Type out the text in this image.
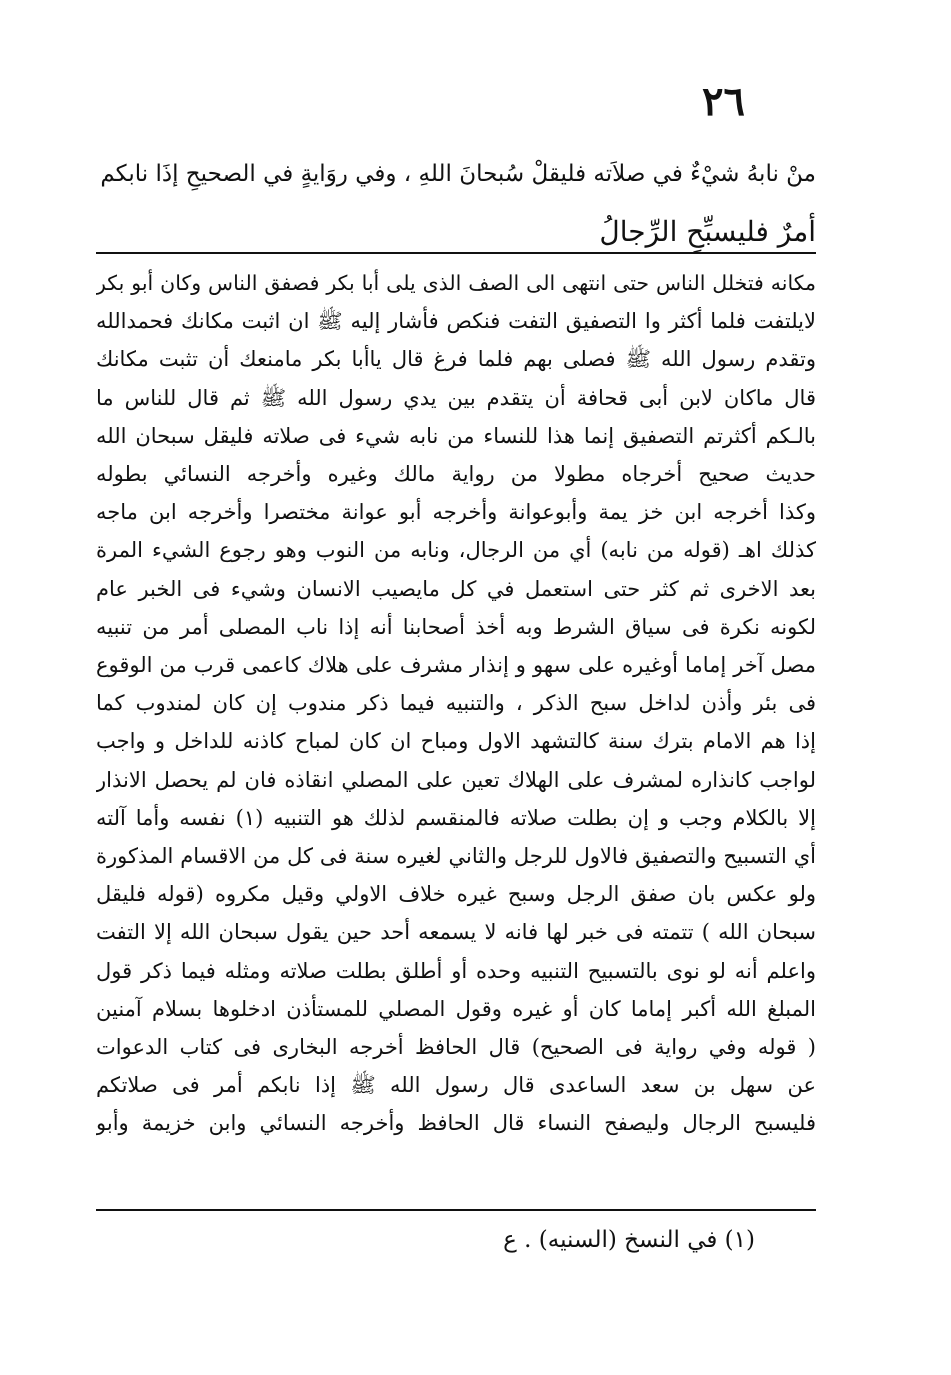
٢٦
منْ نابهُ شيْءٌ في صلاَته فليقلْ سُبحانَ اللهِ ، وفي روَايةٍ في الصحيحِ إذَا نابكم
أمرٌ فليسبِّحِ الرِّجالُ
مكانه فتخلل الناس حتى انتهى الى الصف الذى يلى أبا بكر فصفق الناس وكان أبو بكر
لايلتفت فلما أكثر وا التصفيق التفت فنكص فأشار إليه ﷺ ان اثبت مكانك فحمدالله
وتقدم رسول الله ﷺ فصلى بهم فلما فرغ قال ياأبا بكر مامنعك أن تثبت مكانك
قال ماكان لابن أبى قحافة أن يتقدم بين يدي رسول الله ﷺ ثم قال للناس ما
بالـكم أكثرتم التصفيق إنما هذا للنساء من نابه شيء فى صلاته فليقل سبحان الله
حديث صحيح أخرجاه مطولا من رواية مالك وغيره وأخرجه النسائي بطوله
وكذا أخرجه ابن خز يمة وأبوعوانة وأخرجه أبو عوانة مختصرا وأخرجه ابن ماجه
كذلك اهـ (قوله من نابه) أي من الرجال، ونابه من النوب وهو رجوع الشيء المرة
بعد الاخرى ثم كثر حتى استعمل في كل مايصيب الانسان وشيء فى الخبر عام
لكونه نكرة فى سياق الشرط وبه أخذ أصحابنا أنه إذا ناب المصلى أمر من تنبيه
مصل آخر إماما أوغيره على سهو و إنذار مشرف على هلاك كاعمى قرب من الوقوع
فى بئر وأذن لداخل سبح الذكر ، والتنبيه فيما ذكر مندوب إن كان لمندوب كما
إذا هم الامام بترك سنة كالتشهد الاول ومباح ان كان لمباح كاذنه للداخل و واجب
لواجب كانذاره لمشرف على الهلاك تعين على المصلي انقاذه فان لم يحصل الانذار
إلا بالكلام وجب و إن بطلت صلاته فالمنقسم لذلك هو التنبيه (١) نفسه وأما آلته
أي التسبيح والتصفيق فالاول للرجل والثاني لغيره سنة فى كل من الاقسام المذكورة
ولو عكس بان صفق الرجل وسبح غيره خلاف الاولي وقيل مكروه (قوله فليقل
سبحان الله ) تتمته فى خبر لها فانه لا يسمعه أحد حين يقول سبحان الله إلا التفت
واعلم أنه لو نوى بالتسبيح التنبيه وحده أو أطلق بطلت صلاته ومثله فيما ذكر قول
المبلغ الله أكبر إماما كان أو غيره وقول المصلي للمستأذن ادخلوها بسلام آمنين
( قوله وفي رواية فى الصحيح) قال الحافظ أخرجه البخارى فى كتاب الدعوات
عن سهل بن سعد الساعدى قال رسول الله ﷺ إذا نابكم أمر فى صلاتكم
فليسبح الرجال وليصفح النساء قال الحافظ وأخرجه النسائي وابن خزيمة وأبو
(١) في النسخ (السنيه) . ع
